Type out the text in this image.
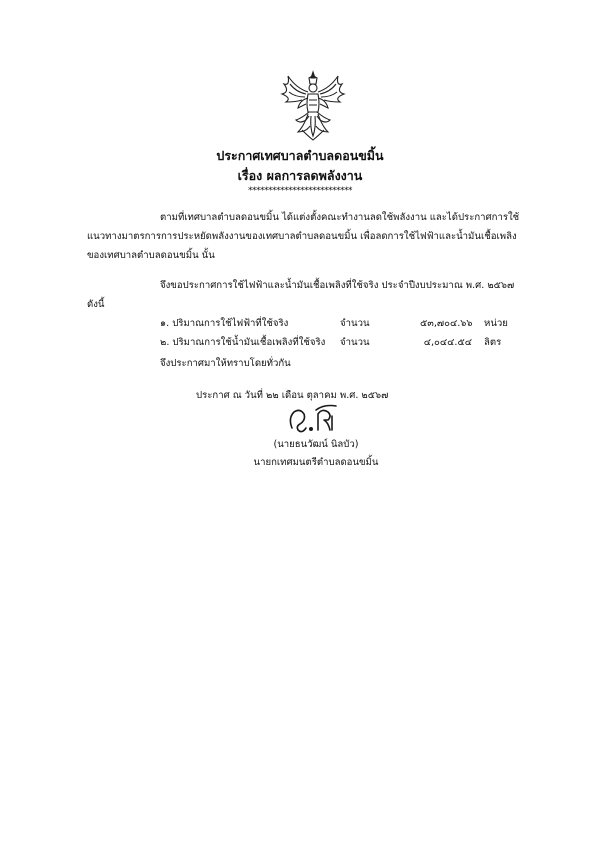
ประกาศเทศบาลตำบลดอนขมิ้น
เรื่อง ผลการลดพลังงาน
**************************
ตามที่เทศบาลตำบลดอนขมิ้น ได้แต่งตั้งคณะทำงานลดใช้พลังงาน และได้ประกาศการใช้
แนวทางมาตรการการประหยัดพลังงานของเทศบาลตำบลดอนขมิ้น เพื่อลดการใช้ไฟฟ้าและน้ำมันเชื้อเพลิง
ของเทศบาลตำบลดอนขมิ้น นั้น
จึงขอประกาศการใช้ไฟฟ้าและน้ำมันเชื้อเพลิงที่ใช้จริง ประจำปีงบประมาณ พ.ศ. ๒๕๖๗
ดังนี้
๑. ปริมาณการใช้ไฟฟ้าที่ใช้จริง	จำนวน	๕๓,๗๐๔.๖๖ หน่วย
๒. ปริมาณการใช้น้ำมันเชื้อเพลิงที่ใช้จริง จำนวน	๔,๐๔๔.๕๔ ลิตร
จึงประกาศมาให้ทราบโดยทั่วกัน
ประกาศ ณ วันที่ ๒๒ เดือน ตุลาคม พ.ศ. ๒๕๖๗
(นายธนวัฒน์ นิลบัว)
นายกเทศมนตรีตำบลดอนขมิ้น
